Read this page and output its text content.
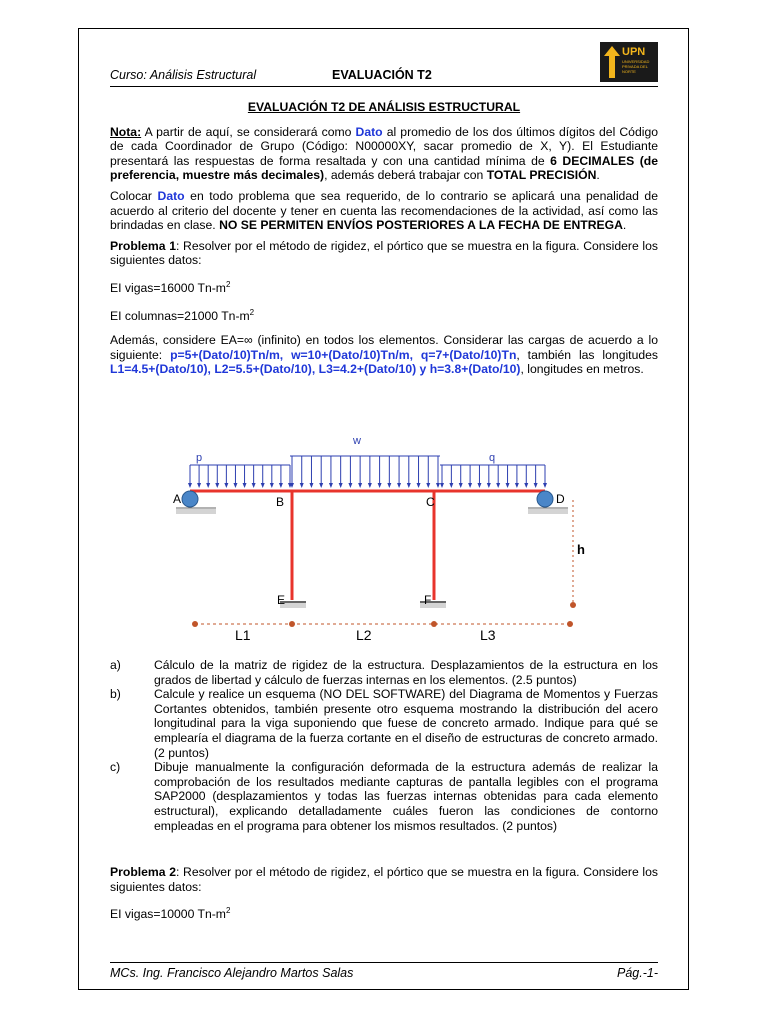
Curso: Análisis Estructural	EVALUACIÓN T2
UPN
UNIVERSIDAD PRIVADA DEL NORTE

EVALUACIÓN T2 DE ANÁLISIS ESTRUCTURAL

Nota: A partir de aquí, se considerará como Dato al promedio de los dos últimos dígitos del Código de cada Coordinador de Grupo (Código: N00000XY, sacar promedio de X, Y). El Estudiante presentará las respuestas de forma resaltada y con una cantidad mínima de 6 DECIMALES (de preferencia, muestre más decimales), además deberá trabajar con TOTAL PRECISIÓN.

Colocar Dato en todo problema que sea requerido, de lo contrario se aplicará una penalidad de acuerdo al criterio del docente y tener en cuenta las recomendaciones de la actividad, así como las brindadas en clase. NO SE PERMITEN ENVÍOS POSTERIORES A LA FECHA DE ENTREGA.

Problema 1: Resolver por el método de rigidez, el pórtico que se muestra en la figura. Considere los siguientes datos:

EI vigas=16000 $Tn-m^2$

EI columnas=21000 $Tn-m^2$

Además, considere EA=∞ (infinito) en todos los elementos. Considerar las cargas de acuerdo a lo siguiente: p=5+(Dato/10)Tn/m, w=10+(Dato/10)Tn/m, q=7+(Dato/10)Tn, también las longitudes L1=4.5+(Dato/10), L2=5.5+(Dato/10), L3=4.2+(Dato/10) y h=3.8+(Dato/10), longitudes en metros.

w
p	q
A	B	C	D
E	F
h
L1	L2	L3
a)	Cálculo de la matriz de rigidez de la estructura. Desplazamientos de la estructura en los grados de libertad y cálculo de fuerzas internas en los elementos. (2.5 puntos)

b)	Calcule y realice un esquema (NO DEL SOFTWARE) del Diagrama de Momentos y Fuerzas Cortantes obtenidos, también presente otro esquema mostrando la distribución del acero longitudinal para la viga suponiendo que fuese de concreto armado. Indique para qué se emplearía el diagrama de la fuerza cortante en el diseño de estructuras de concreto armado. (2 puntos)

c)	Dibuje manualmente la configuración deformada de la estructura además de realizar la comprobación de los resultados mediante capturas de pantalla legibles con el programa SAP2000 (desplazamientos y todas las fuerzas internas obtenidas para cada elemento estructural), explicando detalladamente cuáles fueron las condiciones de contorno empleadas en el programa para obtener los mismos resultados. (2 puntos)

Problema 2: Resolver por el método de rigidez, el pórtico que se muestra en la figura. Considere los siguientes datos:

EI vigas=10000 $Tn-m^2$

MCs. Ing. Francisco Alejandro Martos Salas	Pág.-1-
